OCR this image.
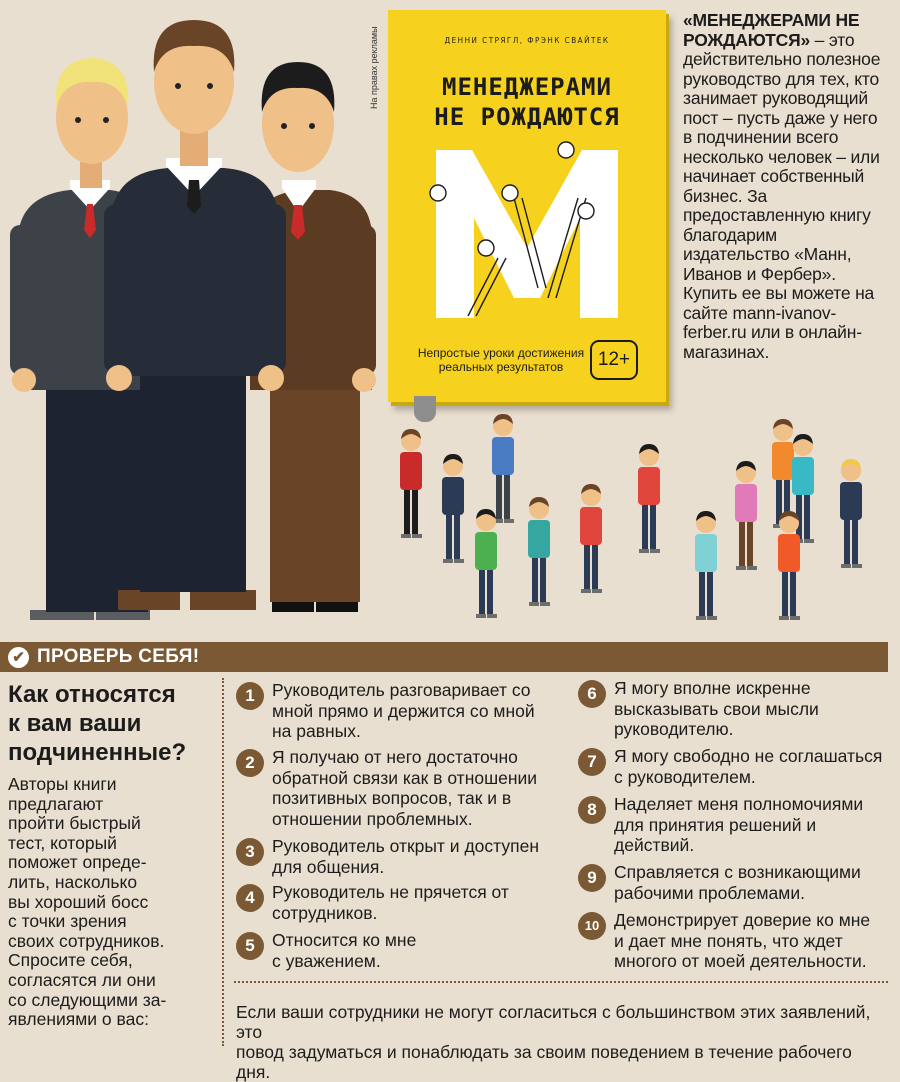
На правах рекламы	ДЕННИ СТРЯГЛ, ФРЭНК СВАЙТЕК
МЕНЕДЖЕРАМИ
НЕ РОЖДАЮТСЯ
Непростые уроки достижения реальных результатов	12+
«МЕНЕДЖЕРАМИ НЕ РОЖДАЮТСЯ» – это действительно полезное руководство для тех, кто занимает руководящий пост – пусть даже у него в подчинении всего несколько человек – или начинает собственный бизнес. За предоставленную книгу благодарим издательство «Манн, Иванов и Фербер». Купить ее вы можете на сайте mann-ivanov-ferber.ru или в онлайн-магазинах.
✔ ПРОВЕРЬ СЕБЯ!
Как относятся
к вам ваши
подчиненные?
Авторы книги
предлагают
пройти быстрый
тест, который
поможет опреде-
лить, насколько
вы хороший босс
с точки зрения
своих сотрудников.
Спросите себя,
согласятся ли они
со следующими за-
явлениями о вас:
1 Руководитель разговаривает со
мной прямо и держится со мной
на равных.
2 Я получаю от него достаточно
обратной связи как в отношении
позитивных вопросов, так и в
отношении проблемных.
3 Руководитель открыт и доступен
для общения.
4 Руководитель не прячется от
сотрудников.
5 Относится ко мне
с уважением.
6 Я могу вполне искренне
высказывать свои мысли
руководителю.
7 Я могу свободно не соглашаться
с руководителем.
8 Наделяет меня полномочиями
для принятия решений и
действий.
9 Справляется с возникающими
рабочими проблемами.
10 Демонстрирует доверие ко мне
и дает мне понять, что ждет
многого от моей деятельности.
Если ваши сотрудники не могут согласиться с большинством этих заявлений, это
повод задуматься и понаблюдать за своим поведением в течение рабочего дня.
